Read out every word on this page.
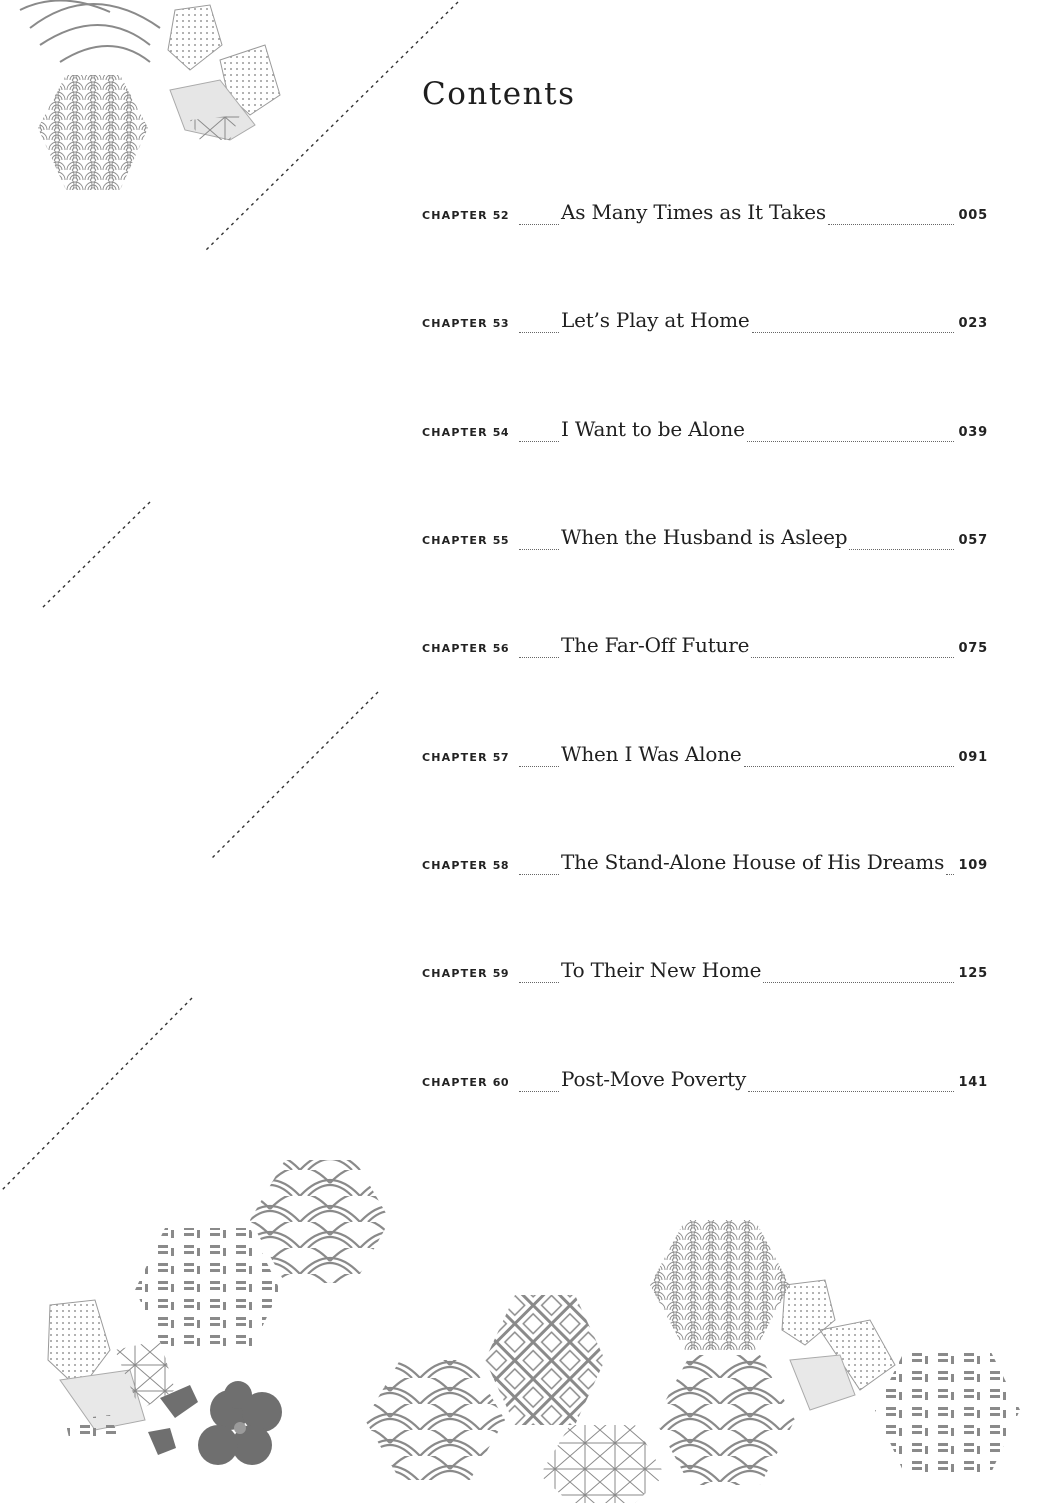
Contents
CHAPTER 52	As Many Times as It Takes	005
CHAPTER 53	Let’s Play at Home	023
CHAPTER 54	I Want to be Alone	039
CHAPTER 55	When the Husband is Asleep	057
CHAPTER 56	The Far-Off Future	075
CHAPTER 57	When I Was Alone	091
CHAPTER 58	The Stand-Alone House of His Dreams 109
CHAPTER 59	To Their New Home	125
CHAPTER 60	Post-Move Poverty	141
